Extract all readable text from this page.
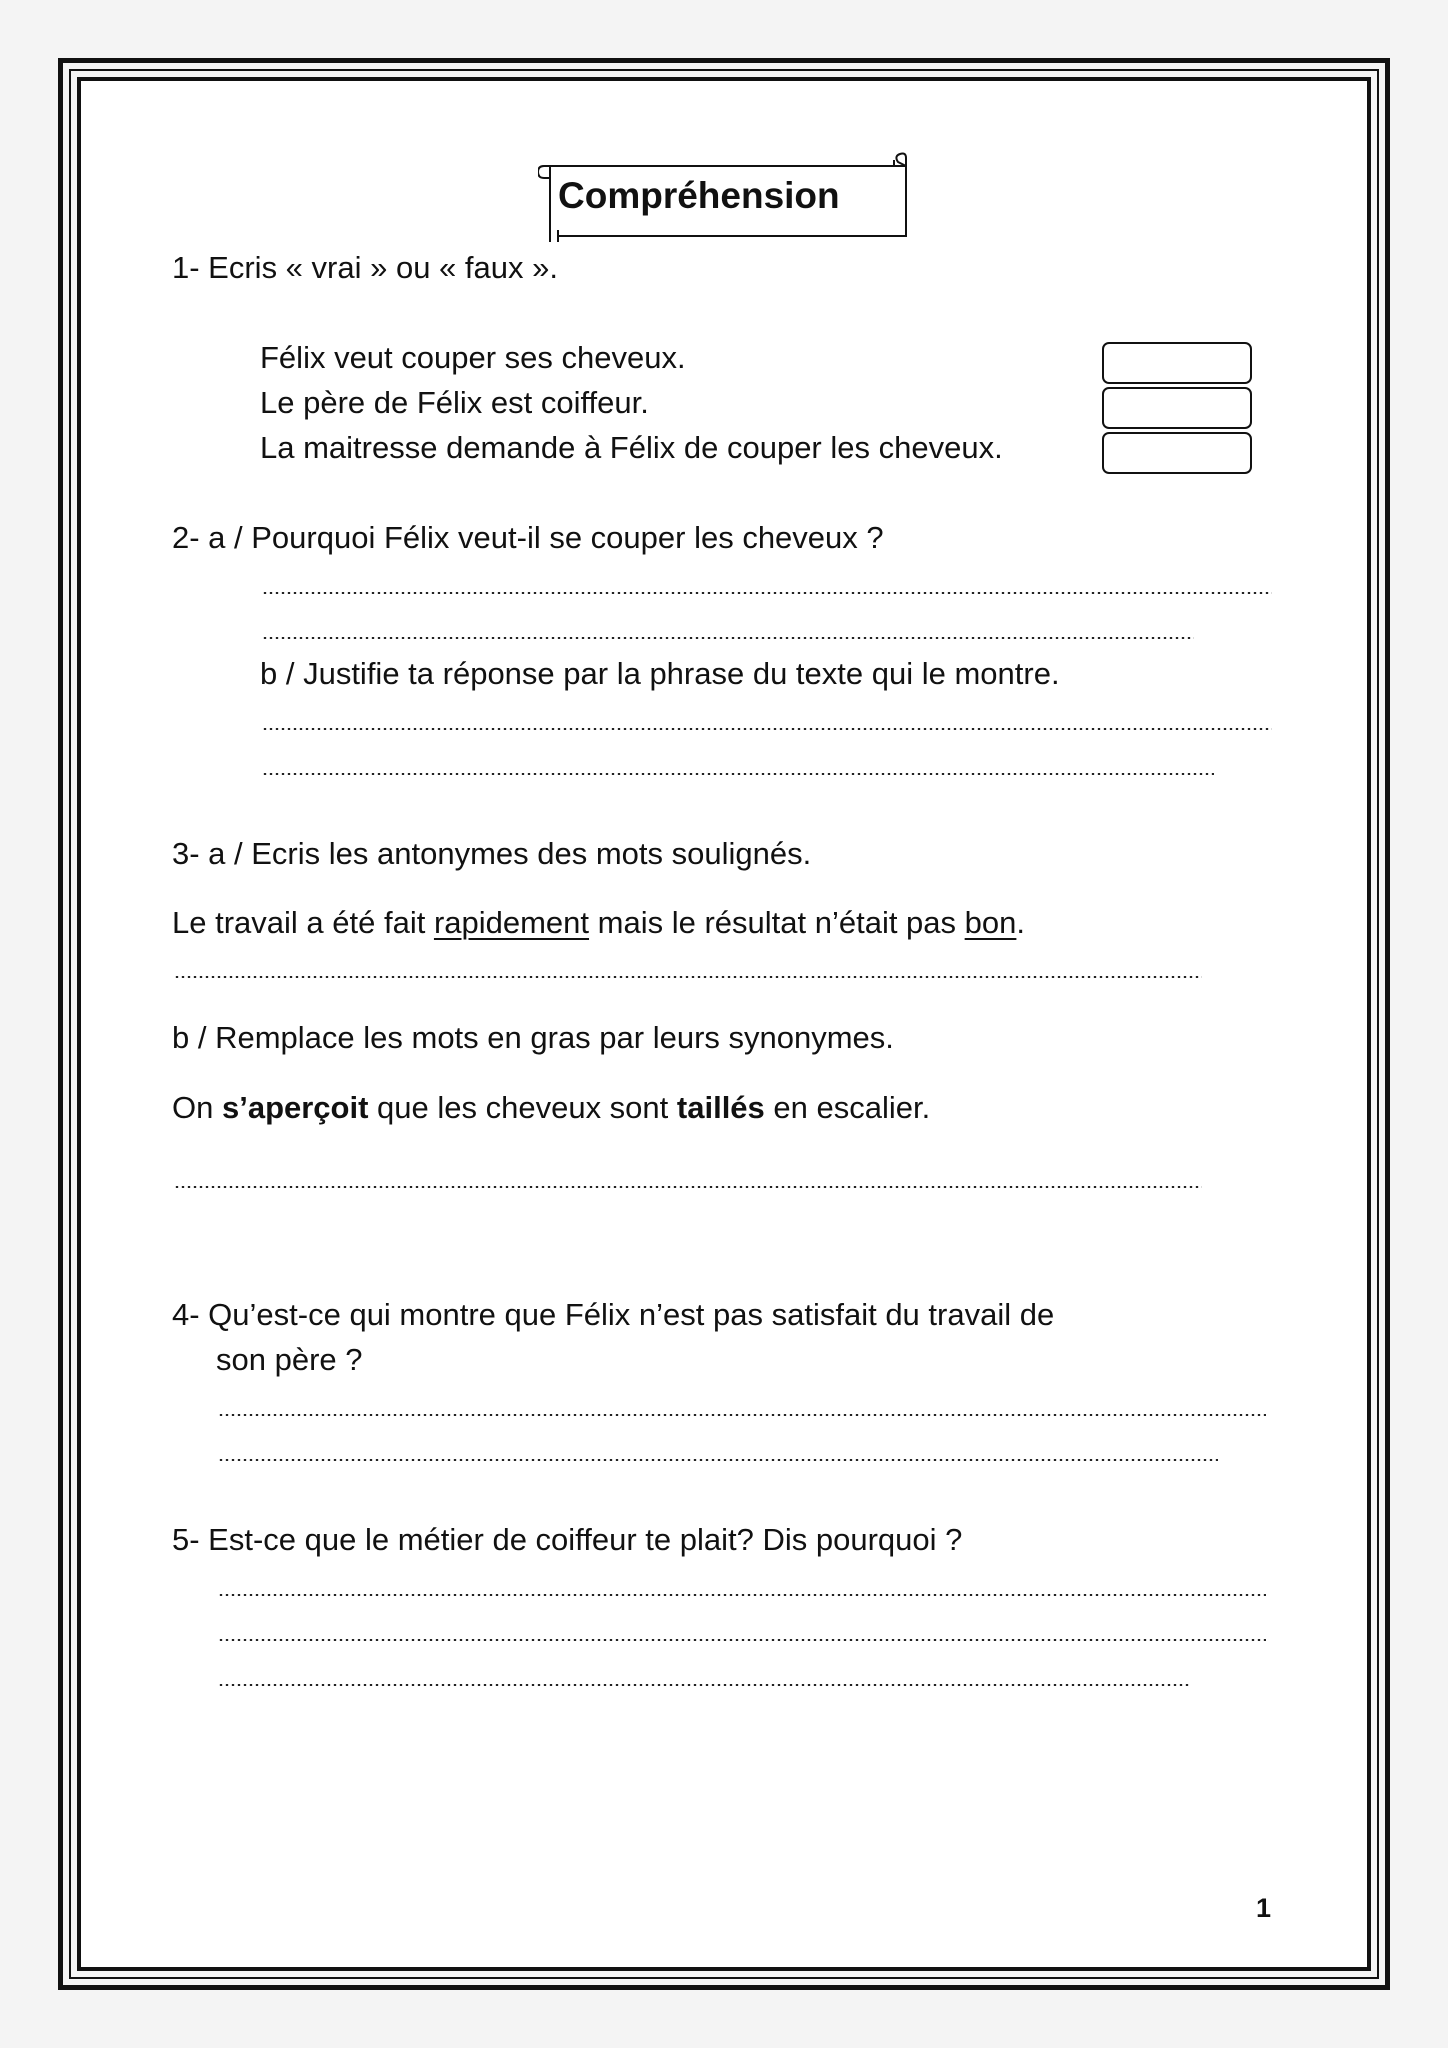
Compréhension
1- Ecris « vrai » ou « faux ».
Félix veut couper ses cheveux.
Le père de Félix est coiffeur.
La maitresse demande à Félix de couper les cheveux.
2- a / Pourquoi Félix veut-il se couper les cheveux ?
b / Justifie ta réponse par la phrase du texte qui le montre.
3- a / Ecris les antonymes des mots soulignés.
Le travail a été fait rapidement mais le résultat n’était pas bon.
b / Remplace les mots en gras par leurs synonymes.
On s’aperçoit que les cheveux sont taillés en escalier.
4- Qu’est-ce qui montre que Félix n’est pas satisfait du travail de
son père ?
5- Est-ce que le métier de coiffeur te plait? Dis pourquoi ?
1
